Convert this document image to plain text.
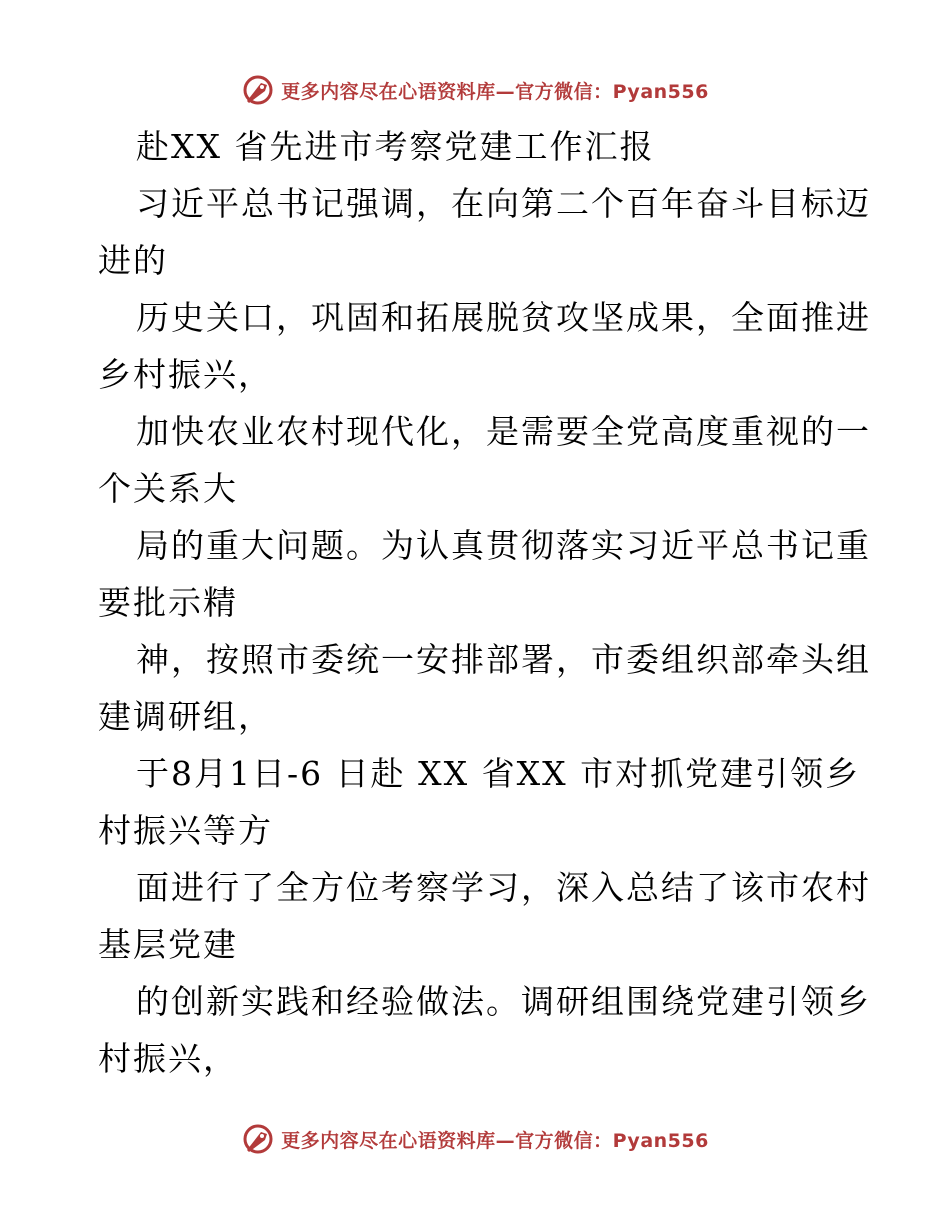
更多内容尽在心语资料库—官方微信：Pyan556
赴XX 省先进市考察党建工作汇报
习近平总书记强调，在向第二个百年奋斗目标迈
进的
历史关口，巩固和拓展脱贫攻坚成果，全面推进
乡村振兴，
加快农业农村现代化，是需要全党高度重视的一
个关系大
局的重大问题。为认真贯彻落实习近平总书记重
要批示精
神，按照市委统一安排部署，市委组织部牵头组
建调研组，
于8月1日-6 日赴 XX 省XX 市对抓党建引领乡
村振兴等方
面进行了全方位考察学习，深入总结了该市农村
基层党建
的创新实践和经验做法。调研组围绕党建引领乡
村振兴，
更多内容尽在心语资料库—官方微信：Pyan556
